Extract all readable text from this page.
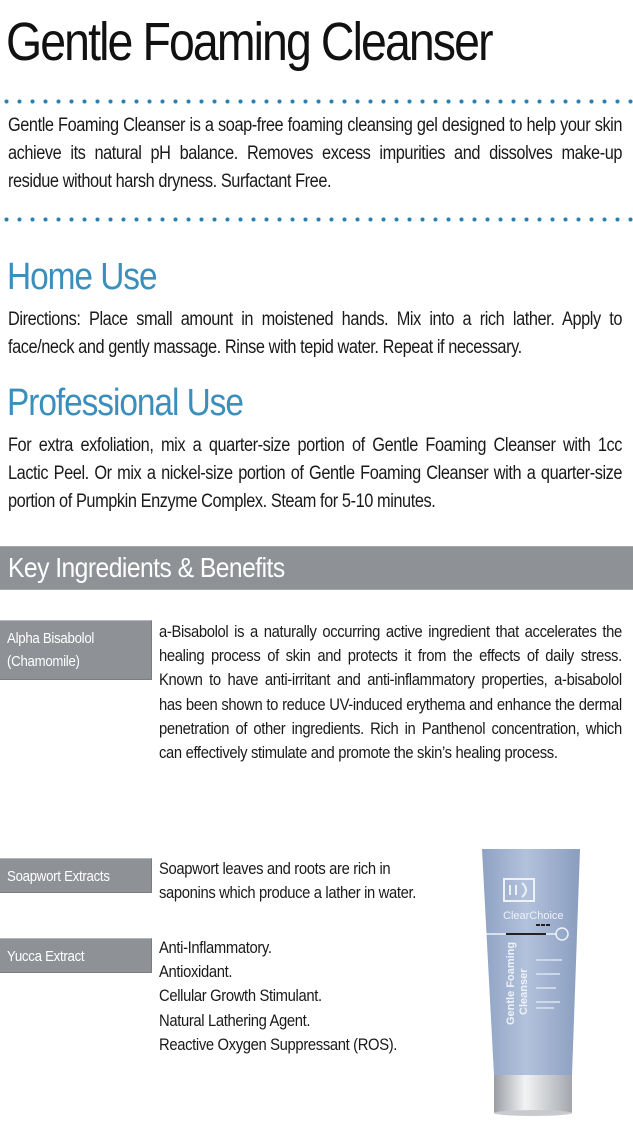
Gentle Foaming Cleanser
Gentle Foaming Cleanser is a soap-free foaming cleansing gel designed to help your skin achieve its natural pH balance. Removes excess impurities and dissolves make-up residue without harsh dryness. Surfactant Free.
Home Use
Directions: Place small amount in moistened hands. Mix into a rich lather. Apply to face/neck and gently massage. Rinse with tepid water. Repeat if necessary.
Professional Use
For extra exfoliation, mix a quarter-size portion of Gentle Foaming Cleanser with 1cc Lactic Peel. Or mix a nickel-size portion of Gentle Foaming Cleanser with a quarter-size portion of Pumpkin Enzyme Complex. Steam for 5-10 minutes.
Key Ingredients & Benefits
Alpha Bisabolol
(Chamomile)
a-Bisabolol is a naturally occurring active ingredient that accelerates the healing process of skin and protects it from the effects of daily stress. Known to have anti-irritant and anti-inflammatory properties, a-bisabolol has been shown to reduce UV-induced erythema and enhance the dermal penetration of other ingredients. Rich in Panthenol concentration, which can effectively stimulate and promote the skin’s healing process.
Soapwort Extracts	Soapwort leaves and roots are rich in
saponins which produce a lather in water.
Yucca Extract	Anti-Inflammatory.
Antioxidant.
Cellular Growth Stimulant.
Natural Lathering Agent.
Reactive Oxygen Suppressant (ROS).
ClearChoice
Gentle Foaming Cleanser
